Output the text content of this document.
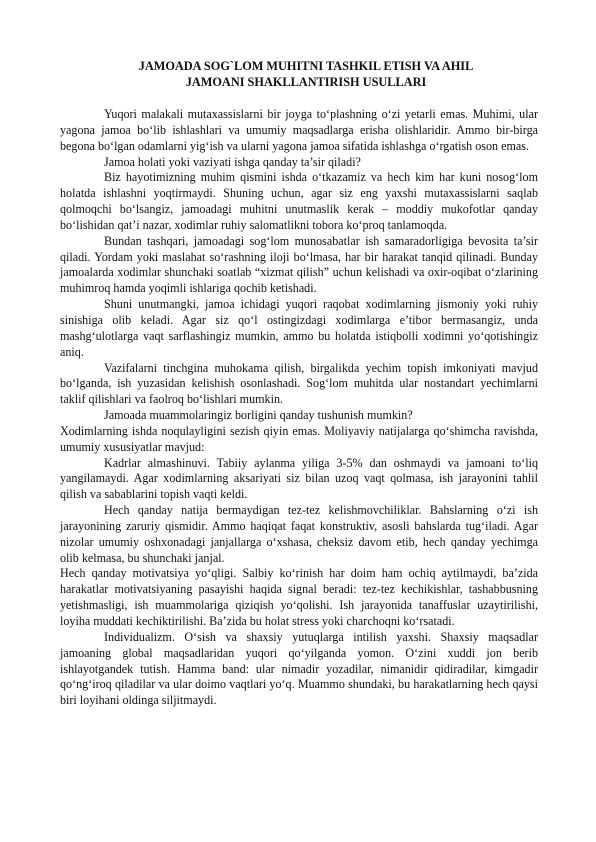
JAMOADA SOG`LOM MUHITNI TASHKIL ETISH VA AHIL
JAMOANI SHAKLLANTIRISH USULLARI

Yuqori malakali mutaxassislarni bir joyga to‘plashning o‘zi yetarli emas. Muhimi, ular yagona jamoa bo‘lib ishlashlari va umumiy maqsadlarga erisha olishlaridir. Ammo bir-birga begona bo‘lgan odamlarni yig‘ish va ularni yagona jamoa sifatida ishlashga o‘rgatish oson emas.

Jamoa holati yoki vaziyati ishga qanday ta’sir qiladi?

Biz hayotimizning muhim qismini ishda o‘tkazamiz va hech kim har kuni nosog‘lom holatda ishlashni yoqtirmaydi. Shuning uchun, agar siz eng yaxshi mutaxassislarni saqlab qolmoqchi bo‘lsangiz, jamoadagi muhitni unutmaslik kerak – moddiy mukofotlar qanday bo‘lishidan qat’i nazar, xodimlar ruhiy salomatlikni tobora ko‘proq tanlamoqda.

Bundan tashqari, jamoadagi sog‘lom munosabatlar ish samaradorligiga bevosita ta’sir qiladi. Yordam yoki maslahat so‘rashning iloji bo‘lmasa, har bir harakat tanqid qilinadi. Bunday jamoalarda xodimlar shunchaki soatlab “xizmat qilish” uchun kelishadi va oxir-oqibat o‘zlarining muhimroq hamda yoqimli ishlariga qochib ketishadi.

Shuni unutmangki, jamoa ichidagi yuqori raqobat xodimlarning jismoniy yoki ruhiy sinishiga olib keladi. Agar siz qo‘l ostingizdagi xodimlarga e’tibor bermasangiz, unda mashg‘ulotlarga vaqt sarflashingiz mumkin, ammo bu holatda istiqbolli xodimni yo‘qotishingiz aniq.

Vazifalarni tinchgina muhokama qilish, birgalikda yechim topish imkoniyati mavjud bo‘lganda, ish yuzasidan kelishish osonlashadi. Sog‘lom muhitda ular nostandart yechimlarni taklif qilishlari va faolroq bo‘lishlari mumkin.

Jamoada muammolaringiz borligini qanday tushunish mumkin?

Xodimlarning ishda noqulayligini sezish qiyin emas. Moliyaviy natijalarga qo‘shimcha ravishda, umumiy xususiyatlar mavjud:

Kadrlar almashinuvi. Tabiiy aylanma yiliga 3-5% dan oshmaydi va jamoani to‘liq yangilamaydi. Agar xodimlarning aksariyati siz bilan uzoq vaqt qolmasa, ish jarayonini tahlil qilish va sabablarini topish vaqti keldi.

Hech qanday natija bermaydigan tez-tez kelishmovchiliklar. Bahslarning o‘zi ish jarayonining zaruriy qismidir. Ammo haqiqat faqat konstruktiv, asosli bahslarda tug‘iladi. Agar nizolar umumiy oshxonadagi janjallarga o‘xshasa, cheksiz davom etib, hech qanday yechimga olib kelmasa, bu shunchaki janjal.

Hech qanday motivatsiya yo‘qligi. Salbiy ko‘rinish har doim ham ochiq aytilmaydi, ba’zida harakatlar motivatsiyaning pasayishi haqida signal beradi: tez-tez kechikishlar, tashabbusning yetishmasligi, ish muammolariga qiziqish yo‘qolishi. Ish jarayonida tanaffuslar uzaytirilishi, loyiha muddati kechiktirilishi. Ba’zida bu holat stress yoki charchoqni ko‘rsatadi.

Individualizm. O‘sish va shaxsiy yutuqlarga intilish yaxshi. Shaxsiy maqsadlar jamoaning global maqsadlaridan yuqori qo‘yilganda yomon. O‘zini xuddi jon berib ishlayotgandek tutish. Hamma band: ular nimadir yozadilar, nimanidir qidiradilar, kimgadir qo‘ng‘iroq qiladilar va ular doimo vaqtlari yo‘q. Muammo shundaki, bu harakatlarning hech qaysi biri loyihani oldinga siljitmaydi.
